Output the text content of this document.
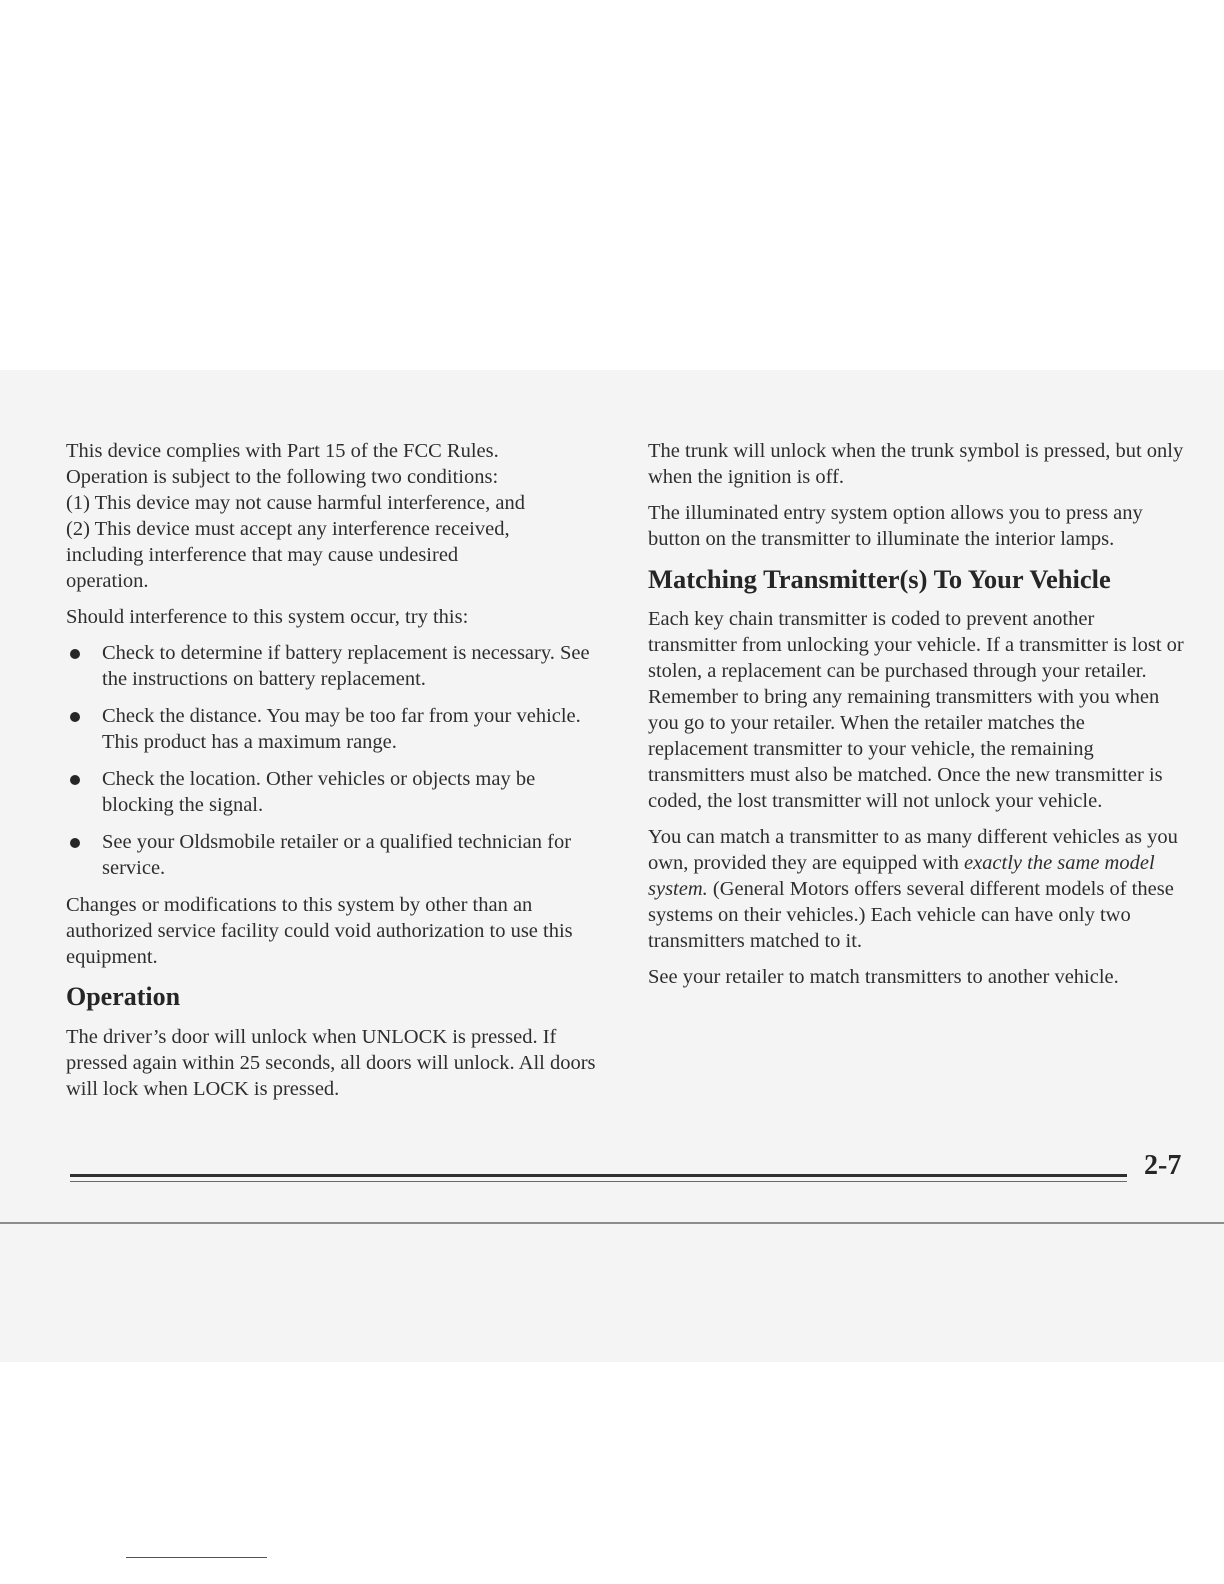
This device complies with Part 15 of the FCC Rules.
Operation is subject to the following two conditions:
(1) This device may not cause harmful interference, and
(2) This device must accept any interference received,
including interference that may cause undesired
operation.

Should interference to this system occur, try this:

Check to determine if battery replacement is necessary. See the instructions on battery replacement.
Check the distance. You may be too far from your vehicle. This product has a maximum range.
Check the location. Other vehicles or objects may be blocking the signal.
See your Oldsmobile retailer or a qualified technician for service.

Changes or modifications to this system by other than an authorized service facility could void authorization to use this equipment.

Operation

The driver’s door will unlock when UNLOCK is pressed. If pressed again within 25 seconds, all doors will unlock. All doors will lock when LOCK is pressed.

The trunk will unlock when the trunk symbol is pressed, but only when the ignition is off.

The illuminated entry system option allows you to press any button on the transmitter to illuminate the interior lamps.

Matching Transmitter(s) To Your Vehicle

Each key chain transmitter is coded to prevent another transmitter from unlocking your vehicle. If a transmitter is lost or stolen, a replacement can be purchased through your retailer. Remember to bring any remaining transmitters with you when you go to your retailer. When the retailer matches the replacement transmitter to your vehicle, the remaining transmitters must also be matched. Once the new transmitter is coded, the lost transmitter will not unlock your vehicle.

You can match a transmitter to as many different vehicles as you own, provided they are equipped with exactly the same model system. (General Motors offers several different models of these systems on their vehicles.) Each vehicle can have only two transmitters matched to it.

See your retailer to match transmitters to another vehicle.

2-7
